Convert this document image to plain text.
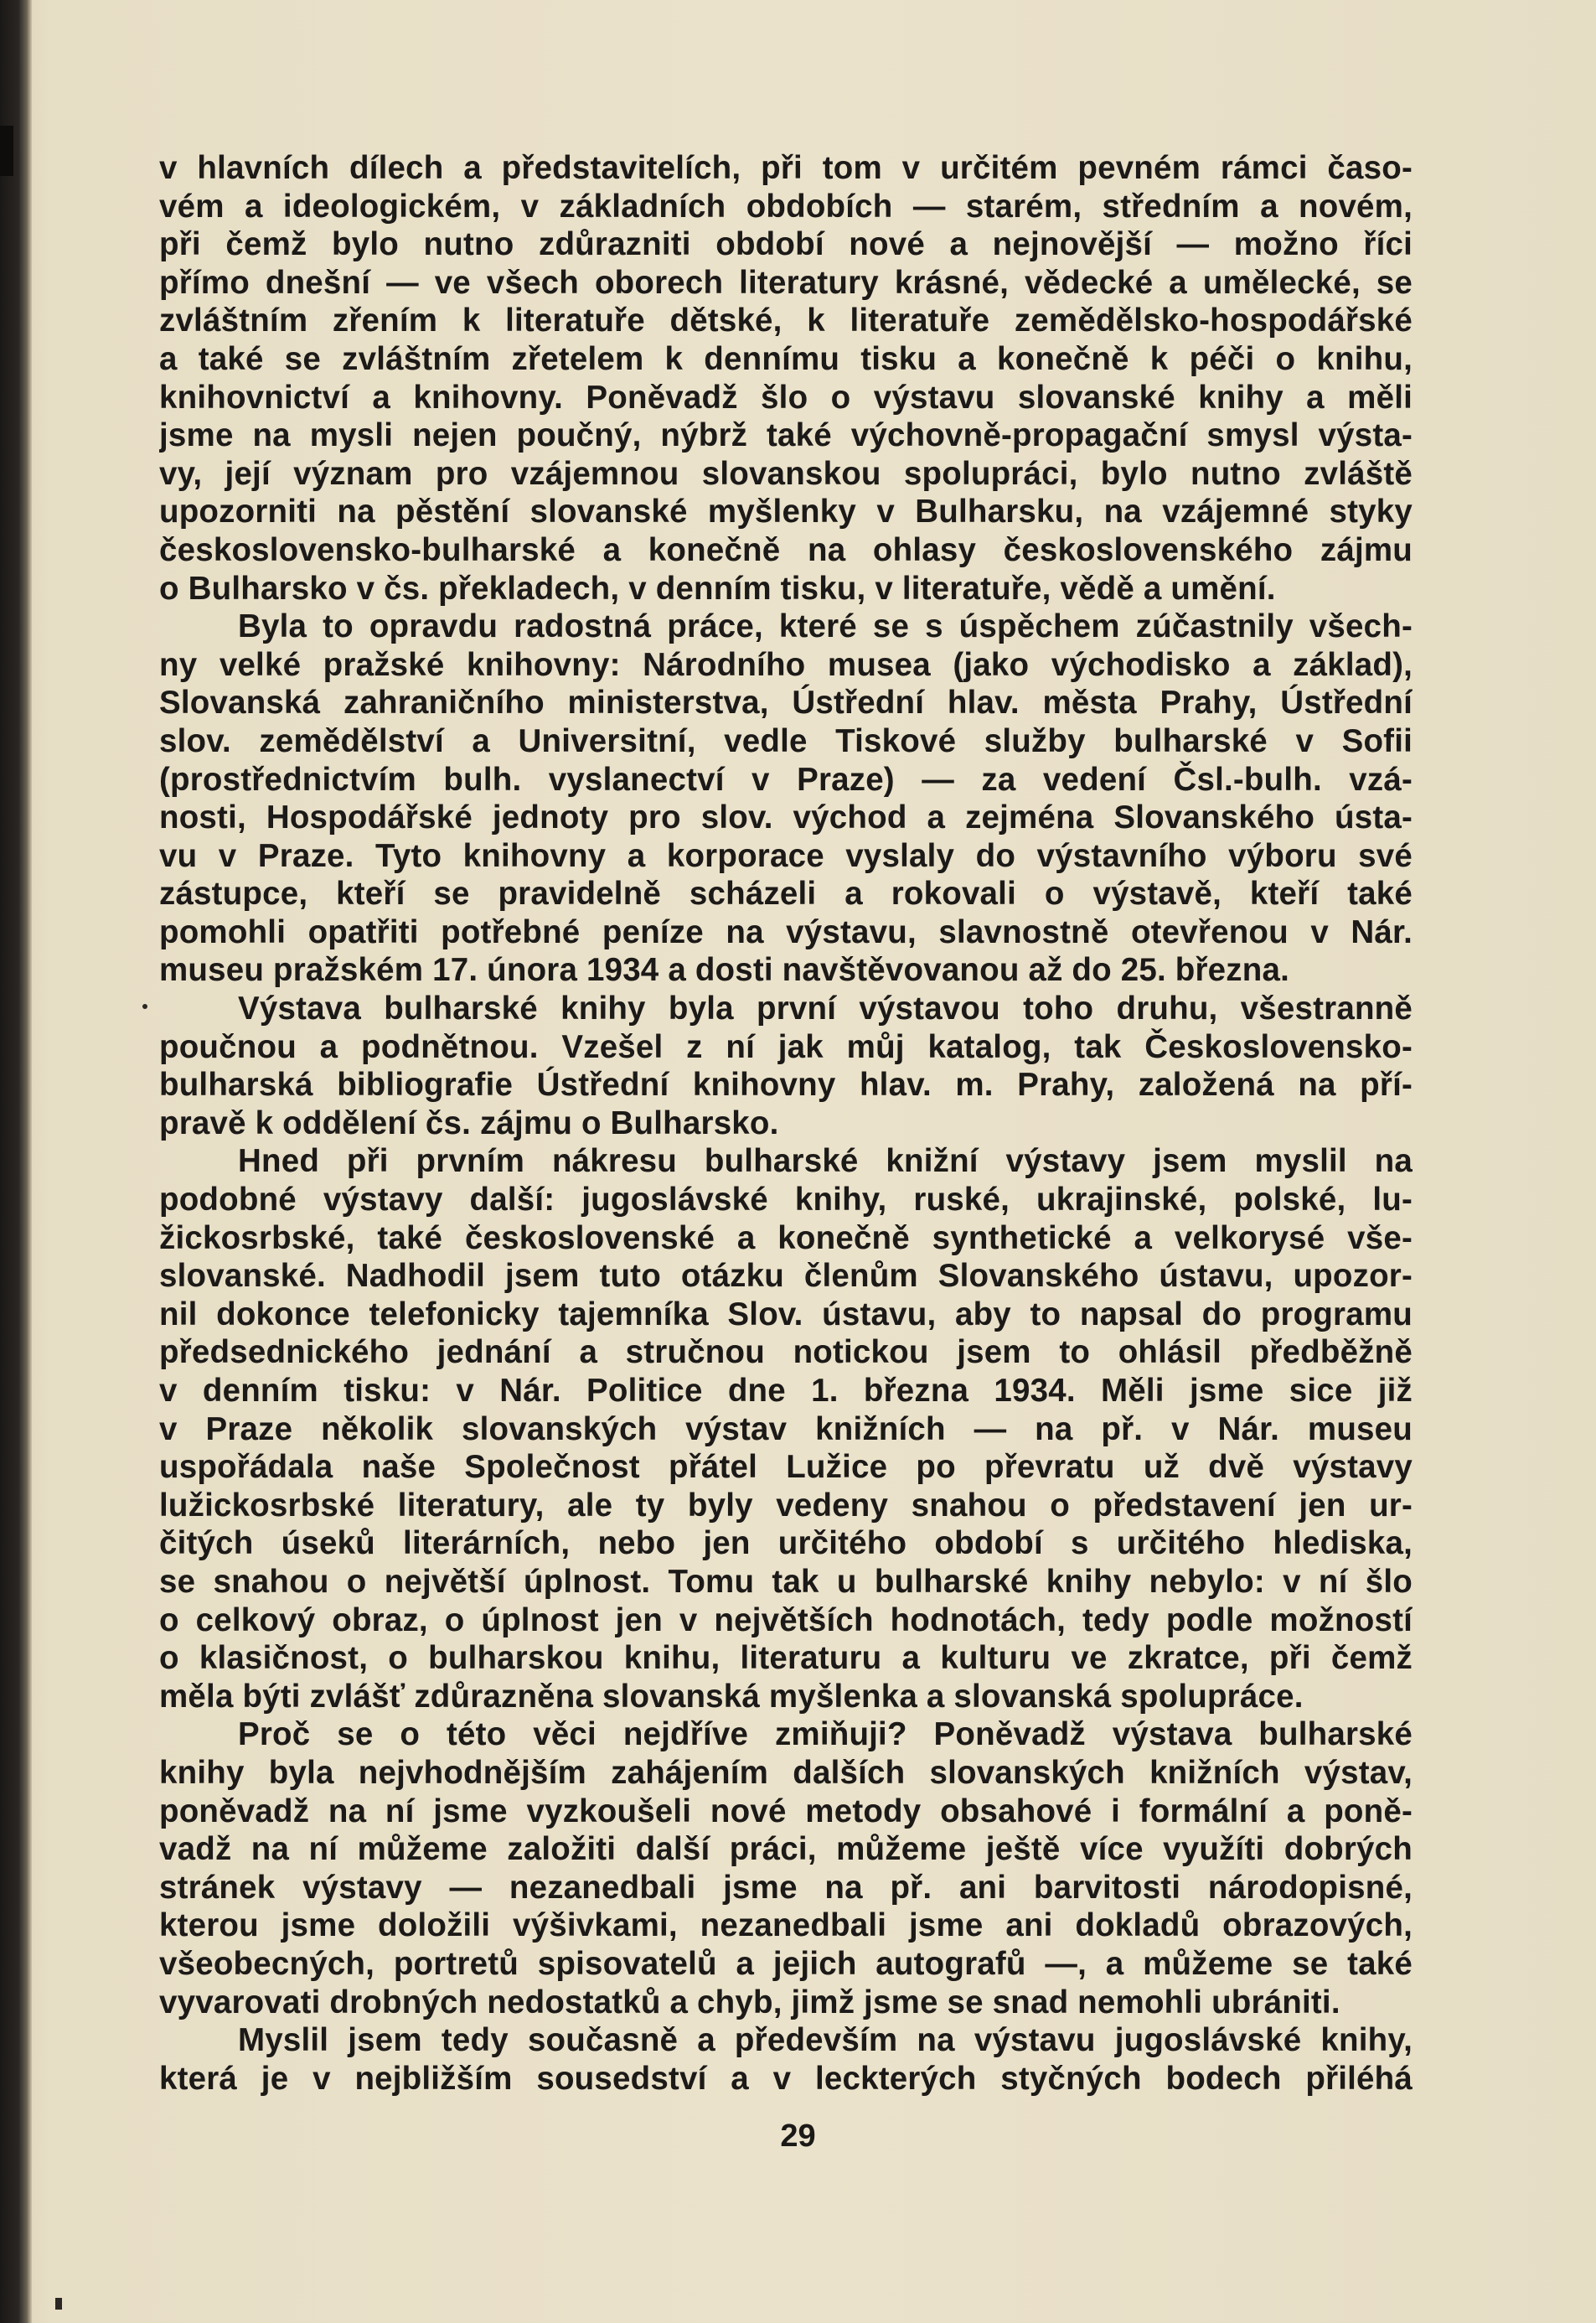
v hlavních dílech a představitelích, při tom v určitém pevném rámci časo-
vém a ideologickém, v základních obdobích — starém, středním a novém,
při čemž bylo nutno zdůrazniti období nové a nejnovější — možno říci
přímo dnešní — ve všech oborech literatury krásné, vědecké a umělecké, se
zvláštním zřením k literatuře dětské, k literatuře zemědělsko-hospodářské
a také se zvláštním zřetelem k dennímu tisku a konečně k péči o knihu,
knihovnictví a knihovny. Poněvadž šlo o výstavu slovanské knihy a měli
jsme na mysli nejen poučný, nýbrž také výchovně-propagační smysl výsta-
vy, její význam pro vzájemnou slovanskou spolupráci, bylo nutno zvláště
upozorniti na pěstění slovanské myšlenky v Bulharsku, na vzájemné styky
československo-bulharské a konečně na ohlasy československého zájmu
o Bulharsko v čs. překladech, v denním tisku, v literatuře, vědě a umění.
Byla to opravdu radostná práce, které se s úspěchem zúčastnily všech-
ny velké pražské knihovny: Národního musea (jako východisko a základ),
Slovanská zahraničního ministerstva, Ústřední hlav. města Prahy, Ústřední
slov. zemědělství a Universitní, vedle Tiskové služby bulharské v Sofii
(prostřednictvím bulh. vyslanectví v Praze) — za vedení Čsl.-bulh. vzá-
nosti, Hospodářské jednoty pro slov. východ a zejména Slovanského ústa-
vu v Praze. Tyto knihovny a korporace vyslaly do výstavního výboru své
zástupce, kteří se pravidelně scházeli a rokovali o výstavě, kteří také
pomohli opatřiti potřebné peníze na výstavu, slavnostně otevřenou v Nár.
museu pražském 17. února 1934 a dosti navštěvovanou až do 25. března.
Výstava bulharské knihy byla první výstavou toho druhu, všestranně
poučnou a podnětnou. Vzešel z ní jak můj katalog, tak Československo-
bulharská bibliografie Ústřední knihovny hlav. m. Prahy, založená na pří-
pravě k oddělení čs. zájmu o Bulharsko.
Hned při prvním nákresu bulharské knižní výstavy jsem myslil na
podobné výstavy další: jugoslávské knihy, ruské, ukrajinské, polské, lu-
žickosrbské, také československé a konečně synthetické a velkorysé vše-
slovanské. Nadhodil jsem tuto otázku členům Slovanského ústavu, upozor-
nil dokonce telefonicky tajemníka Slov. ústavu, aby to napsal do programu
předsednického jednání a stručnou notickou jsem to ohlásil předběžně
v denním tisku: v Nár. Politice dne 1. března 1934. Měli jsme sice již
v Praze několik slovanských výstav knižních — na př. v Nár. museu
uspořádala naše Společnost přátel Lužice po převratu už dvě výstavy
lužickosrbské literatury, ale ty byly vedeny snahou o představení jen ur-
čitých úseků literárních, nebo jen určitého období s určitého hlediska,
se snahou o největší úplnost. Tomu tak u bulharské knihy nebylo: v ní šlo
o celkový obraz, o úplnost jen v největších hodnotách, tedy podle možností
o klasičnost, o bulharskou knihu, literaturu a kulturu ve zkratce, při čemž
měla býti zvlášť zdůrazněna slovanská myšlenka a slovanská spolupráce.
Proč se o této věci nejdříve zmiňuji? Poněvadž výstava bulharské
knihy byla nejvhodnějším zahájením dalších slovanských knižních výstav,
poněvadž na ní jsme vyzkoušeli nové metody obsahové i formální a poně-
vadž na ní můžeme založiti další práci, můžeme ještě více využíti dobrých
stránek výstavy — nezanedbali jsme na př. ani barvitosti národopisné,
kterou jsme doložili výšivkami, nezanedbali jsme ani dokladů obrazových,
všeobecných, portretů spisovatelů a jejich autografů —, a můžeme se také
vyvarovati drobných nedostatků a chyb, jimž jsme se snad nemohli ubrániti.
Myslil jsem tedy současně a především na výstavu jugoslávské knihy,
která je v nejbližším sousedství a v leckterých styčných bodech přiléhá
29
